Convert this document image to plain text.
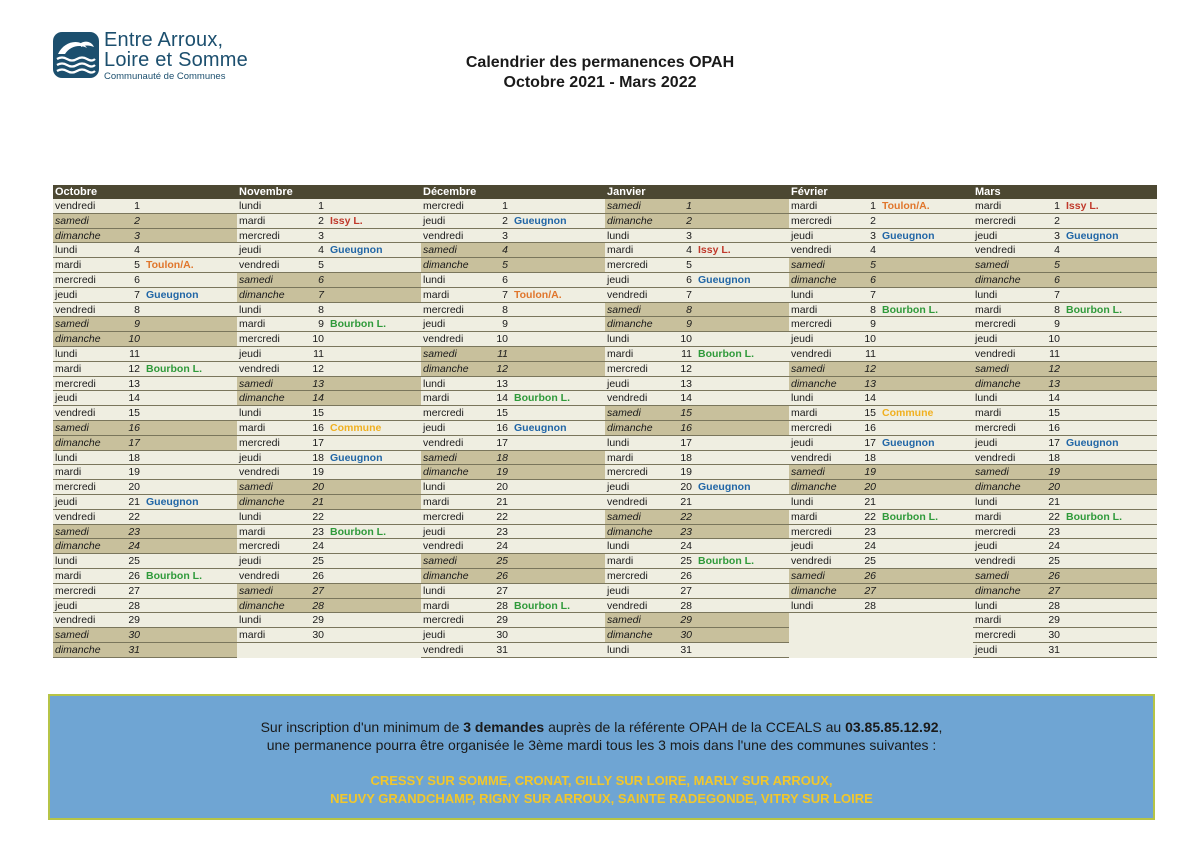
Entre Arroux,
Loire et Somme
Communauté de Communes
Calendrier des permanences OPAH
Octobre 2021 - Mars 2022
Octobre
vendredi	1
samedi	2
dimanche	3
lundi	4
mardi	5 Toulon/A.
mercredi	6
jeudi	7 Gueugnon
vendredi	8
samedi	9
dimanche	10
lundi	11
mardi	12 Bourbon L.
mercredi	13
jeudi	14
vendredi	15
samedi	16
dimanche	17
lundi	18
mardi	19
mercredi	20
jeudi	21 Gueugnon
vendredi	22
samedi	23
dimanche	24
lundi	25
mardi	26 Bourbon L.
mercredi	27
jeudi	28
vendredi	29
samedi	30
dimanche	31
Novembre
lundi	1
mardi	2 Issy L.
mercredi	3
jeudi	4 Gueugnon
vendredi	5
samedi	6
dimanche	7
lundi	8
mardi	9 Bourbon L.
mercredi	10
jeudi	11
vendredi	12
samedi	13
dimanche	14
lundi	15
mardi	16 Commune
mercredi	17
jeudi	18 Gueugnon
vendredi	19
samedi	20
dimanche	21
lundi	22
mardi	23 Bourbon L.
mercredi	24
jeudi	25
vendredi	26
samedi	27
dimanche	28
lundi	29
mardi	30
Décembre
mercredi	1
jeudi	2 Gueugnon
vendredi	3
samedi	4
dimanche	5
lundi	6
mardi	7 Toulon/A.
mercredi	8
jeudi	9
vendredi	10
samedi	11
dimanche	12
lundi	13
mardi	14 Bourbon L.
mercredi	15
jeudi	16 Gueugnon
vendredi	17
samedi	18
dimanche	19
lundi	20
mardi	21
mercredi	22
jeudi	23
vendredi	24
samedi	25
dimanche	26
lundi	27
mardi	28 Bourbon L.
mercredi	29
jeudi	30
vendredi	31
Janvier
samedi	1
dimanche	2
lundi	3
mardi	4 Issy L.
mercredi	5
jeudi	6 Gueugnon
vendredi	7
samedi	8
dimanche	9
lundi	10
mardi	11 Bourbon L.
mercredi	12
jeudi	13
vendredi	14
samedi	15
dimanche	16
lundi	17
mardi	18
mercredi	19
jeudi	20 Gueugnon
vendredi	21
samedi	22
dimanche	23
lundi	24
mardi	25 Bourbon L.
mercredi	26
jeudi	27
vendredi	28
samedi	29
dimanche	30
lundi	31
Février
mardi	1 Toulon/A.
mercredi	2
jeudi	3 Gueugnon
vendredi	4
samedi	5
dimanche	6
lundi	7
mardi	8 Bourbon L.
mercredi	9
jeudi	10
vendredi	11
samedi	12
dimanche	13
lundi	14
mardi	15 Commune
mercredi	16
jeudi	17 Gueugnon
vendredi	18
samedi	19
dimanche	20
lundi	21
mardi	22 Bourbon L.
mercredi	23
jeudi	24
vendredi	25
samedi	26
dimanche	27
lundi	28
Mars
mardi	1 Issy L.
mercredi	2
jeudi	3 Gueugnon
vendredi	4
samedi	5
dimanche	6
lundi	7
mardi	8 Bourbon L.
mercredi	9
jeudi	10
vendredi	11
samedi	12
dimanche	13
lundi	14
mardi	15
mercredi	16
jeudi	17 Gueugnon
vendredi	18
samedi	19
dimanche	20
lundi	21
mardi	22 Bourbon L.
mercredi	23
jeudi	24
vendredi	25
samedi	26
dimanche	27
lundi	28
mardi	29
mercredi	30
jeudi	31
Sur inscription d'un minimum de 3 demandes auprès de la référente OPAH de la CCEALS au 03.85.85.12.92,
une permanence pourra être organisée le 3ème mardi tous les 3 mois dans l'une des communes suivantes :
CRESSY SUR SOMME, CRONAT, GILLY SUR LOIRE, MARLY SUR ARROUX,
NEUVY GRANDCHAMP, RIGNY SUR ARROUX, SAINTE RADEGONDE, VITRY SUR LOIRE
